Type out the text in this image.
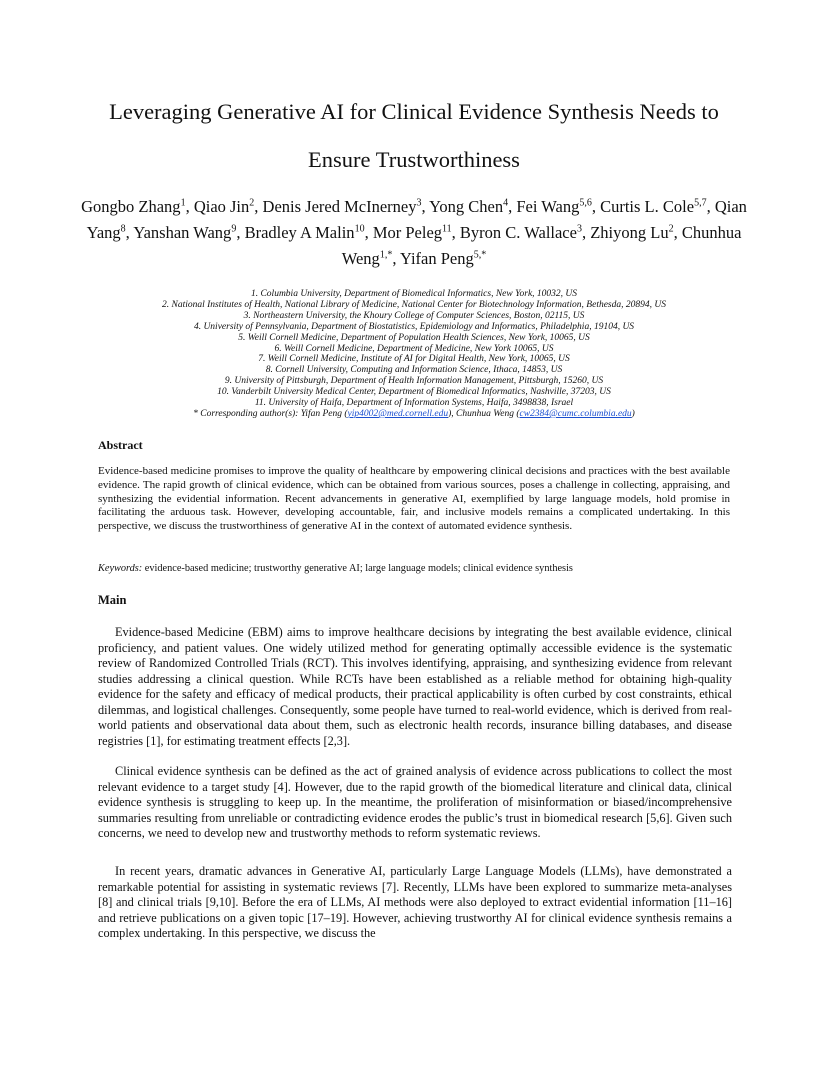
Leveraging Generative AI for Clinical Evidence Synthesis Needs to
Ensure Trustworthiness
Gongbo Zhang$^1$, Qiao Jin$^2$, Denis Jered McInerney$^3$, Yong Chen$^4$, Fei Wang$^{5,6}$, Curtis L. Cole$^{5,7}$, Qian Yang$^8$, Yanshan Wang$^9$, Bradley A Malin$^{10}$, Mor Peleg$^{11}$, Byron C. Wallace$^3$, Zhiyong Lu$^2$, Chunhua Weng$^{1,*}$, Yifan Peng$^{5,*}$
1. Columbia University, Department of Biomedical Informatics, New York, 10032, US
2. National Institutes of Health, National Library of Medicine, National Center for Biotechnology Information, Bethesda, 20894, US
3. Northeastern University, the Khoury College of Computer Sciences, Boston, 02115, US
4. University of Pennsylvania, Department of Biostatistics, Epidemiology and Informatics, Philadelphia, 19104, US
5. Weill Cornell Medicine, Department of Population Health Sciences, New York, 10065, US
6. Weill Cornell Medicine, Department of Medicine, New York 10065, US
7. Weill Cornell Medicine, Institute of AI for Digital Health, New York, 10065, US
8. Cornell University, Computing and Information Science, Ithaca, 14853, US
9. University of Pittsburgh, Department of Health Information Management, Pittsburgh, 15260, US
10. Vanderbilt University Medical Center, Department of Biomedical Informatics, Nashville, 37203, US
11. University of Haifa, Department of Information Systems, Haifa, 3498838, Israel
* Corresponding author(s): Yifan Peng (yip4002@med.cornell.edu), Chunhua Weng (cw2384@cumc.columbia.edu)
Abstract

Evidence-based medicine promises to improve the quality of healthcare by empowering clinical decisions and practices with the best available evidence. The rapid growth of clinical evidence, which can be obtained from various sources, poses a challenge in collecting, appraising, and synthesizing the evidential information. Recent advancements in generative AI, exemplified by large language models, hold promise in facilitating the arduous task. However, developing accountable, fair, and inclusive models remains a complicated undertaking. In this perspective, we discuss the trustworthiness of generative AI in the context of automated evidence synthesis.

Keywords: evidence-based medicine; trustworthy generative AI; large language models; clinical evidence synthesis
Main

Evidence-based Medicine (EBM) aims to improve healthcare decisions by integrating the best available evidence, clinical proficiency, and patient values. One widely utilized method for generating optimally accessible evidence is the systematic review of Randomized Controlled Trials (RCT). This involves identifying, appraising, and synthesizing evidence from relevant studies addressing a clinical question. While RCTs have been established as a reliable method for obtaining high-quality evidence for the safety and efficacy of medical products, their practical applicability is often curbed by cost constraints, ethical dilemmas, and logistical challenges. Consequently, some people have turned to real-world evidence, which is derived from real-world patients and observational data about them, such as electronic health records, insurance billing databases, and disease registries [1], for estimating treatment effects [2,3].

Clinical evidence synthesis can be defined as the act of grained analysis of evidence across publications to collect the most relevant evidence to a target study [4]. However, due to the rapid growth of the biomedical literature and clinical data, clinical evidence synthesis is struggling to keep up. In the meantime, the proliferation of misinformation or biased/incomprehensive summaries resulting from unreliable or contradicting evidence erodes the public’s trust in biomedical research [5,6]. Given such concerns, we need to develop new and trustworthy methods to reform systematic reviews.

In recent years, dramatic advances in Generative AI, particularly Large Language Models (LLMs), have demonstrated a remarkable potential for assisting in systematic reviews [7]. Recently, LLMs have been explored to summarize meta-analyses [8] and clinical trials [9,10]. Before the era of LLMs, AI methods were also deployed to extract evidential information [11–16] and retrieve publications on a given topic [17–19]. However, achieving trustworthy AI for clinical evidence synthesis remains a complex undertaking. In this perspective, we discuss the
